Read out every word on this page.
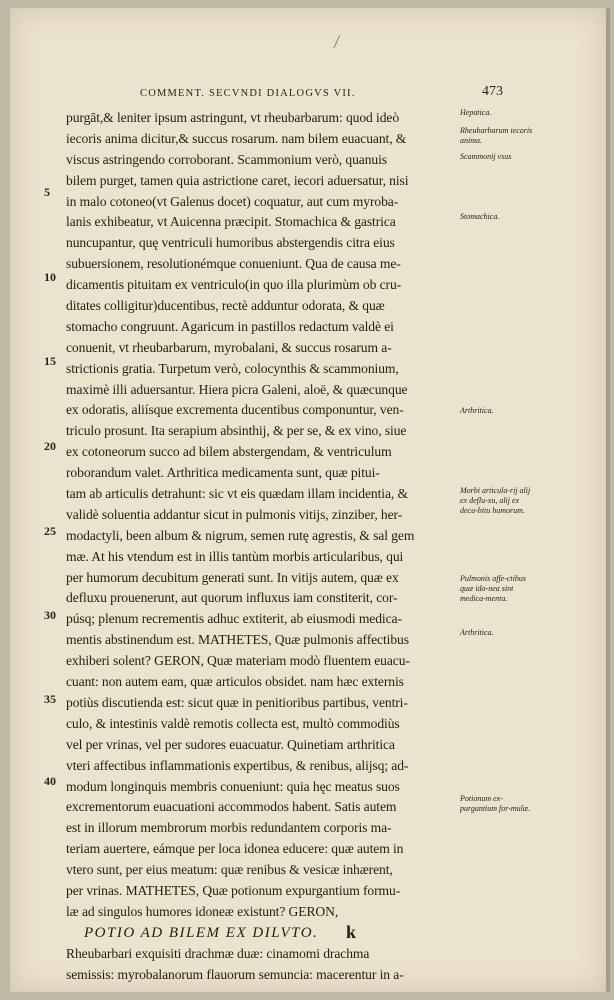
COMMENT. SECVNDI DIALOGVS VII.	473
purgāt,& leniter ipsum astringunt, vt rheubarbarum: quod ideò
iecoris anima dicitur,& succus rosarum. nam bilem euacuant, &
viscus astringendo corroborant. Scammonium verò, quanuis
bilem purget, tamen quia astrictione caret, iecori aduersatur, nisi
in malo cotoneo(vt Galenus docet) coquatur, aut cum myroba-
lanis exhibeatur, vt Auicenna præcipit. Stomachica & gastrica
nuncupantur, quę ventriculi humoribus abstergendis citra eius
subuersionem, resolutionémque conueniunt. Qua de causa me-
dicamentis pituitam ex ventriculo(in quo illa plurimùm ob cru-
ditates colligitur)ducentibus, rectè adduntur odorata, & quæ
stomacho congruunt. Agaricum in pastillos redactum valdè ei
conuenit, vt rheubarbarum, myrobalani, & succus rosarum a-
strictionis gratia. Turpetum verò, colocynthis & scammonium,
maximè illi aduersantur. Hiera picra Galeni, aloë, & quæcunque
ex odoratis, aliísque excrementa ducentibus componuntur, ven-
triculo prosunt. Ita serapium absinthij, & per se, & ex vino, siue
ex cotoneorum succo ad bilem abstergendam, & ventriculum
roborandum valet. Arthritica medicamenta sunt, quæ pitui-
tam ab articulis detrahunt: sic vt eis quædam illam incidentia, &
validè soluentia addantur sicut in pulmonis vitijs, zinziber, her-
modactyli, been album & nigrum, semen rutę agrestis, & sal gem
mæ. At his vtendum est in illis tantùm morbis articularibus, qui
per humorum decubitum generati sunt. In vitijs autem, quæ ex
defluxu prouenerunt, aut quorum influxus iam constiterit, cor-
púsq; plenum recrementis adhuc extiterit, ab eiusmodi medica-
mentis abstinendum est. MATHETES, Quæ pulmonis affectibus
exhiberi solent? GERON, Quæ materiam modò fluentem euacu-
cuant: non autem eam, quæ articulos obsidet. nam hæc externis
potiùs discutienda est: sicut quæ in penitioribus partibus, ventri-
culo, & intestinis valdè remotis collecta est, multò commodiùs
vel per vrinas, vel per sudores euacuatur. Quinetiam arthritica
vteri affectibus inflammationis expertibus, & renibus, alijsq; ad-
modum longinquis membris conueniunt: quia hęc meatus suos
excrementorum euacuationi accommodos habent. Satis autem
est in illorum membrorum morbis redundantem corporis ma-
teriam auertere, eámque per loca idonea educere: quæ autem in
vtero sunt, per eius meatum: quæ renibus & vesicæ inhærent,
per vrinas. MATHETES, Quæ potionum expurgantium formu-
læ ad singulos humores idoneæ existunt? GERON,
POTIO AD BILEM EX DILVTO.
Rheubarbari exquisiti drachmæ duæ: cinamomi drachma
semissis: myrobalanorum flauorum semuncia: macerentur in a-
5
10
15
20
25
30
35
40
Hepatica.
Rheubarbarum iecoris anima.
Scammonij vsus
Stomachica.
Arthritica.
Morbi articula-rij alij ex deflu-xu, alij ex decu-bitu humorum.
Pulmonis affe-ctibus quæ ido-nea sint medica-menta.
Arthritica.
Potionum ex-purgantium for-mulæ.
k
